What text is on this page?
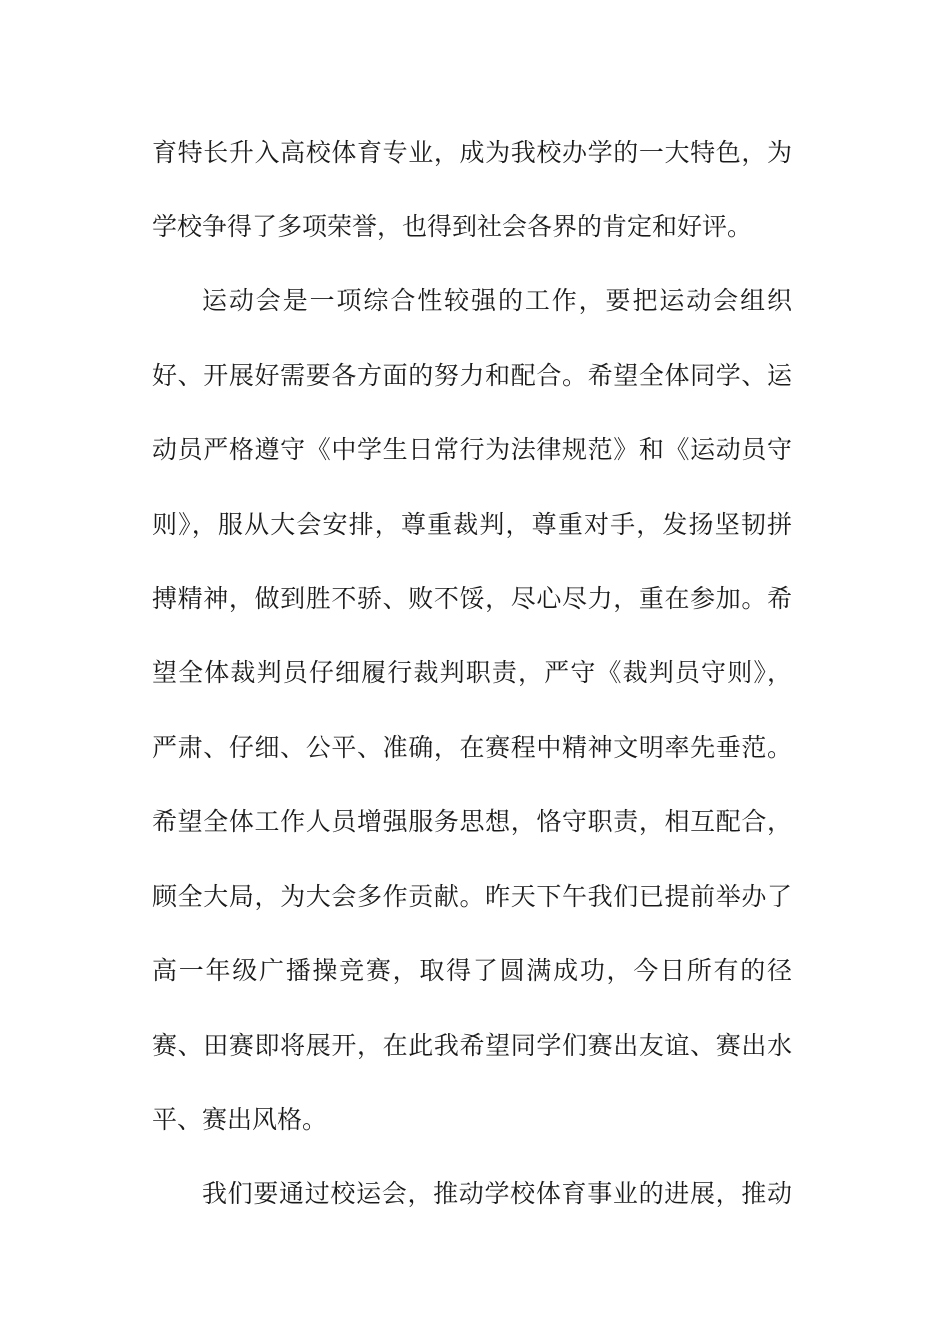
育特长升入高校体育专业，成为我校办学的一大特色，为
学校争得了多项荣誉，也得到社会各界的肯定和好评。
运动会是一项综合性较强的工作，要把运动会组织
好、开展好需要各方面的努力和配合。希望全体同学、运
动员严格遵守《中学生日常行为法律规范》和《运动员守
则》，服从大会安排，尊重裁判，尊重对手，发扬坚韧拼
搏精神，做到胜不骄、败不馁，尽心尽力，重在参加。希
望全体裁判员仔细履行裁判职责，严守《裁判员守则》，
严肃、仔细、公平、准确，在赛程中精神文明率先垂范。
希望全体工作人员增强服务思想，恪守职责，相互配合，
顾全大局，为大会多作贡献。昨天下午我们已提前举办了
高一年级广播操竞赛，取得了圆满成功，今日所有的径
赛、田赛即将展开，在此我希望同学们赛出友谊、赛出水
平、赛出风格。
我们要通过校运会，推动学校体育事业的进展，推动
